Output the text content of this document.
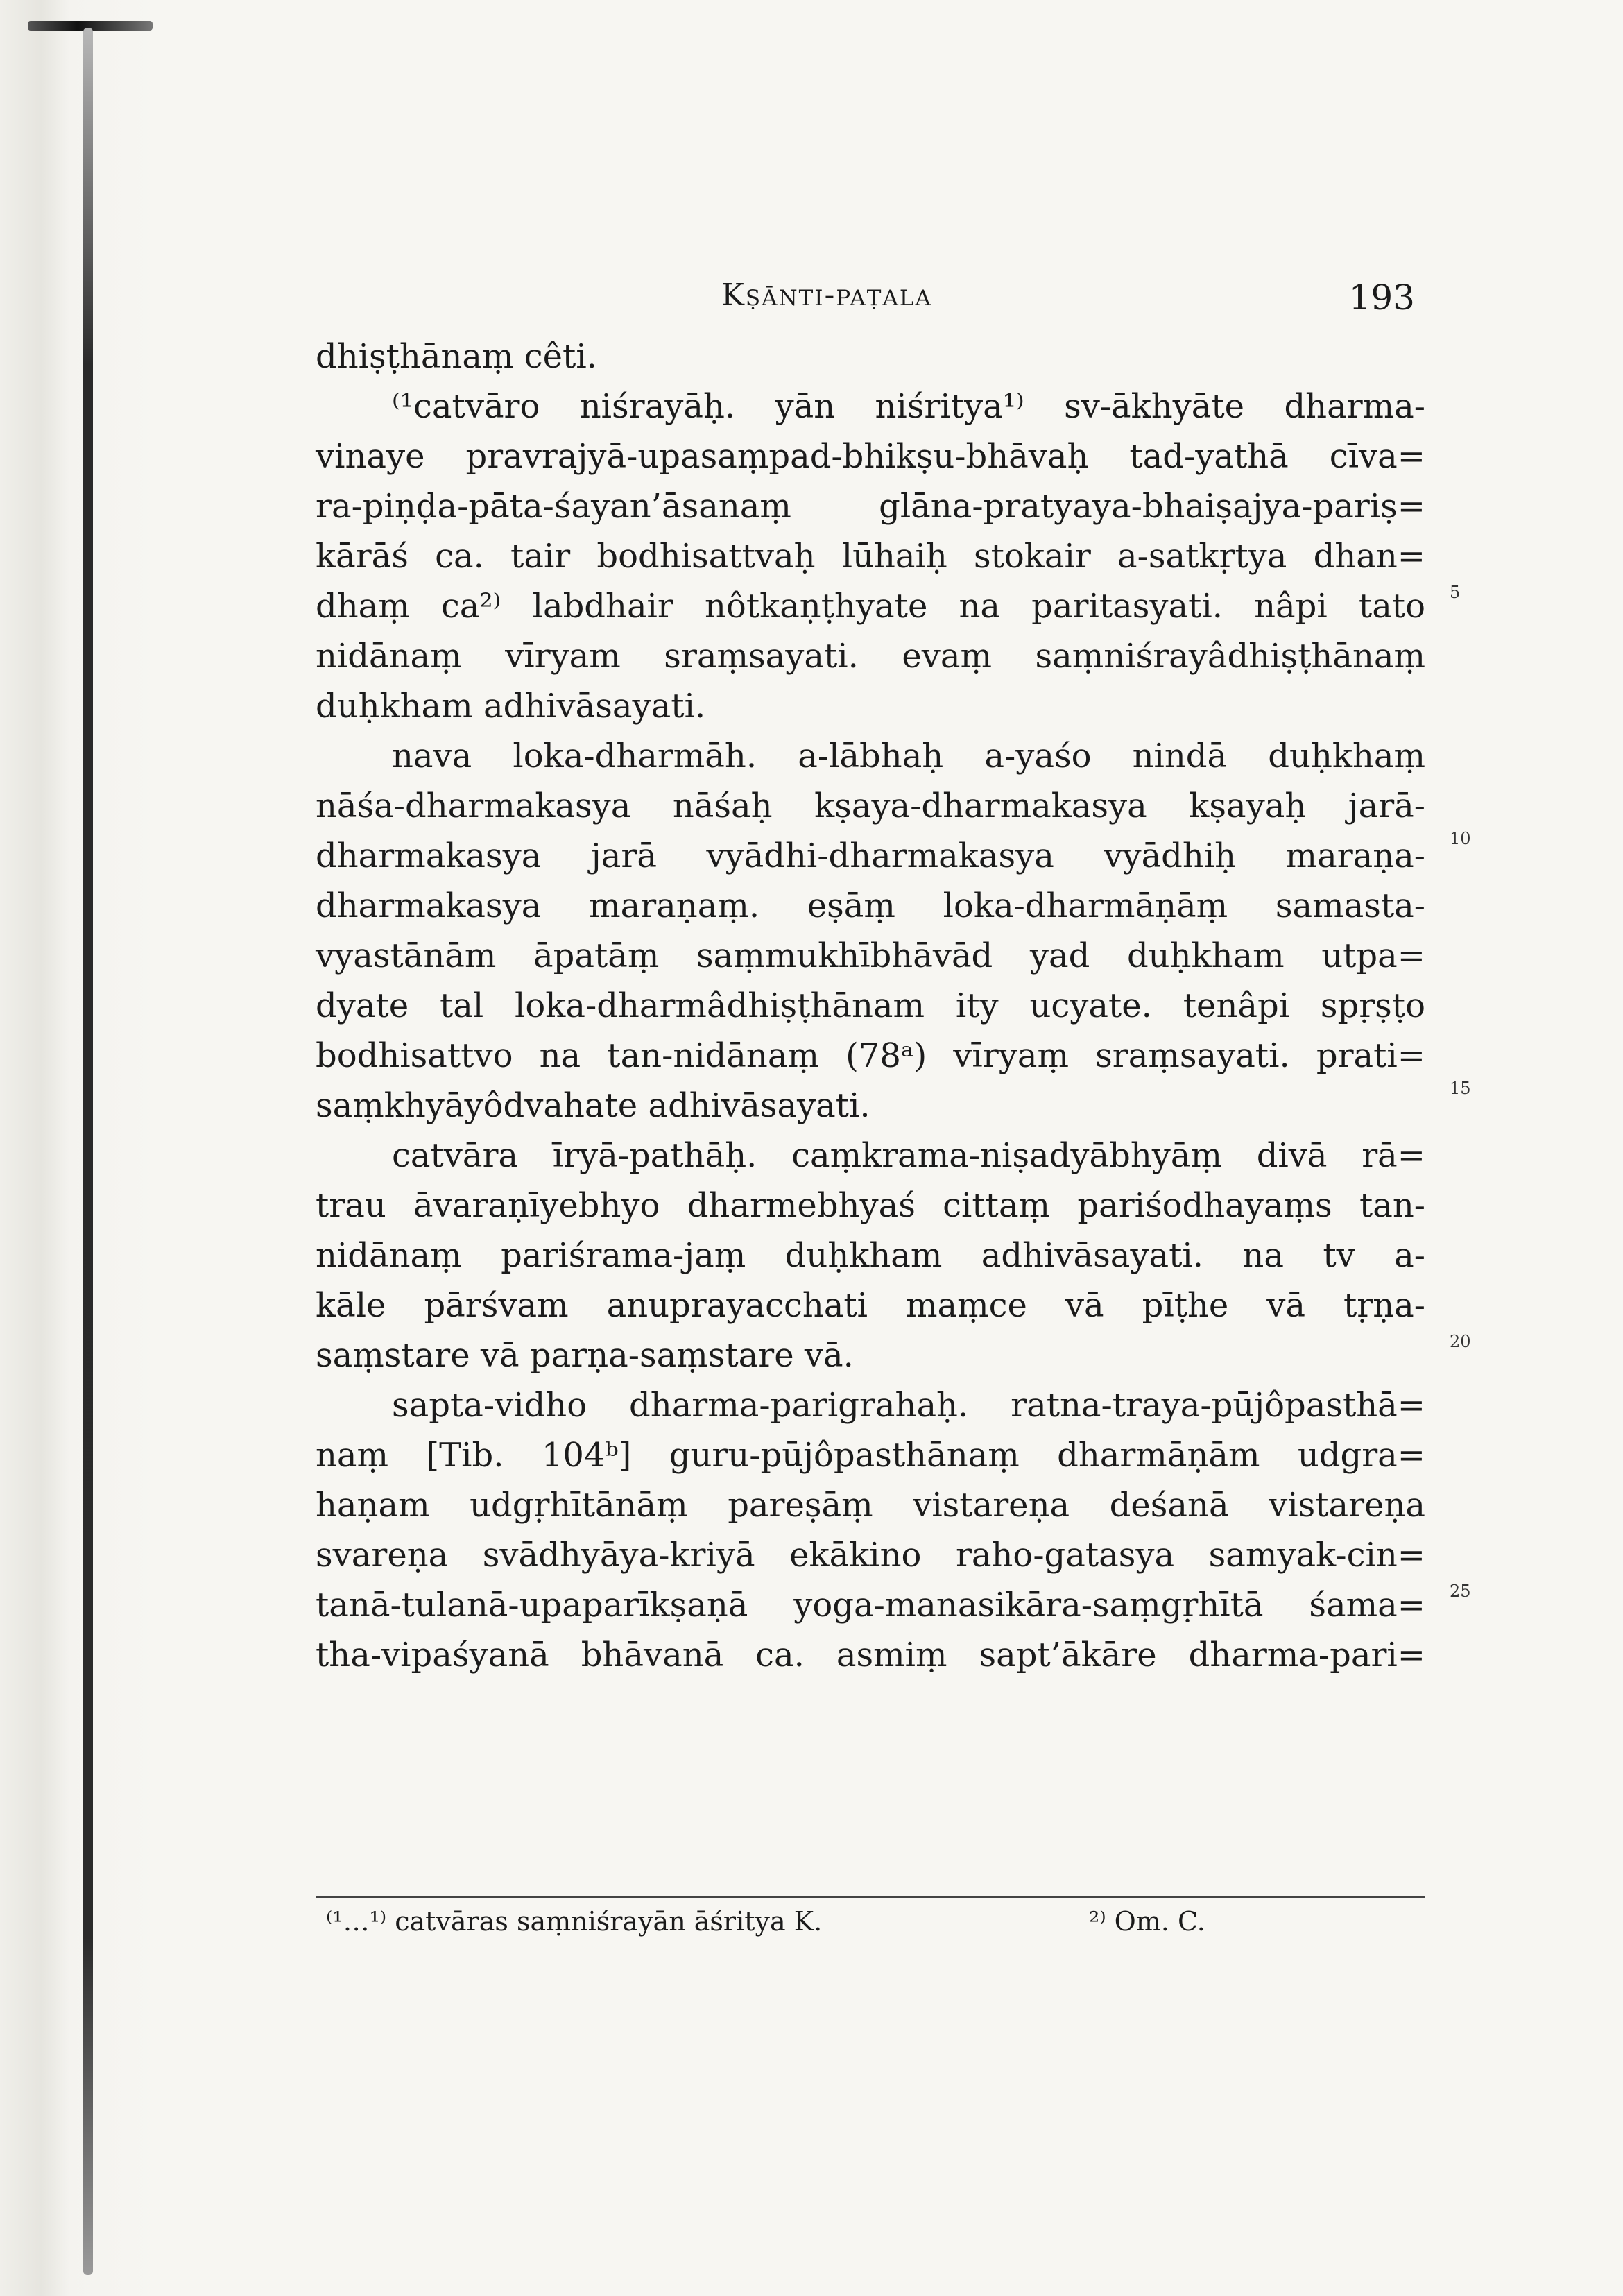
Kṣānti-paṭala	193
dhiṣṭhānaṃ cêti.
⁽¹catvāro niśrayāḥ. yān niśritya¹⁾ sv-ākhyāte dharma-
vinaye pravrajyā-upasaṃpad-bhikṣu-bhāvaḥ tad-yathā cīva=
ra-piṇḍa-pāta-śayan’āsanaṃ glāna-pratyaya-bhaiṣajya-pariṣ=
kārāś ca. tair bodhisattvaḥ lūhaiḥ stokair a-satkṛtya dhan=
dhaṃ ca²⁾ labdhair nôtkaṇṭhyate na paritasyati. nâpi tato
nidānaṃ vīryam sraṃsayati. evaṃ saṃniśrayâdhiṣṭhānaṃ
duḥkham adhivāsayati.
nava loka-dharmāh. a-lābhaḥ a-yaśo nindā duḥkhaṃ
nāśa-dharmakasya nāśaḥ kṣaya-dharmakasya kṣayaḥ jarā-
dharmakasya jarā vyādhi-dharmakasya vyādhiḥ maraṇa-
dharmakasya maraṇaṃ. eṣāṃ loka-dharmāṇāṃ samasta-
vyastānām āpatāṃ saṃmukhībhāvād yad duḥkham utpa=
dyate tal loka-dharmâdhiṣṭhānam ity ucyate. tenâpi spṛṣṭo
bodhisattvo na tan-nidānaṃ (78ᵃ) vīryaṃ sraṃsayati. prati=
saṃkhyāyôdvahate adhivāsayati.
catvāra īryā-pathāḥ. caṃkrama-niṣadyābhyāṃ divā rā=
trau āvaraṇīyebhyo dharmebhyaś cittaṃ pariśodhayaṃs tan-
nidānaṃ pariśrama-jaṃ duḥkham adhivāsayati. na tv a-
kāle pārśvam anuprayacchati maṃce vā pīṭhe vā tṛṇa-
saṃstare vā parṇa-saṃstare vā.
sapta-vidho dharma-parigrahaḥ. ratna-traya-pūjôpasthā=
naṃ [Tib. 104ᵇ] guru-pūjôpasthānaṃ dharmāṇām udgra=
haṇam udgṛhītānāṃ pareṣāṃ vistareṇa deśanā vistareṇa
svareṇa svādhyāya-kriyā ekākino raho-gatasya samyak-cin=
tanā-tulanā-upaparīkṣaṇā yoga-manasikāra-saṃgṛhītā śama=
tha-vipaśyanā bhāvanā ca. asmiṃ sapt’ākāre dharma-pari=
5
10
15
20
25
⁽¹…¹⁾ catvāras saṃniśrayān āśritya K.	²⁾ Om. C.
